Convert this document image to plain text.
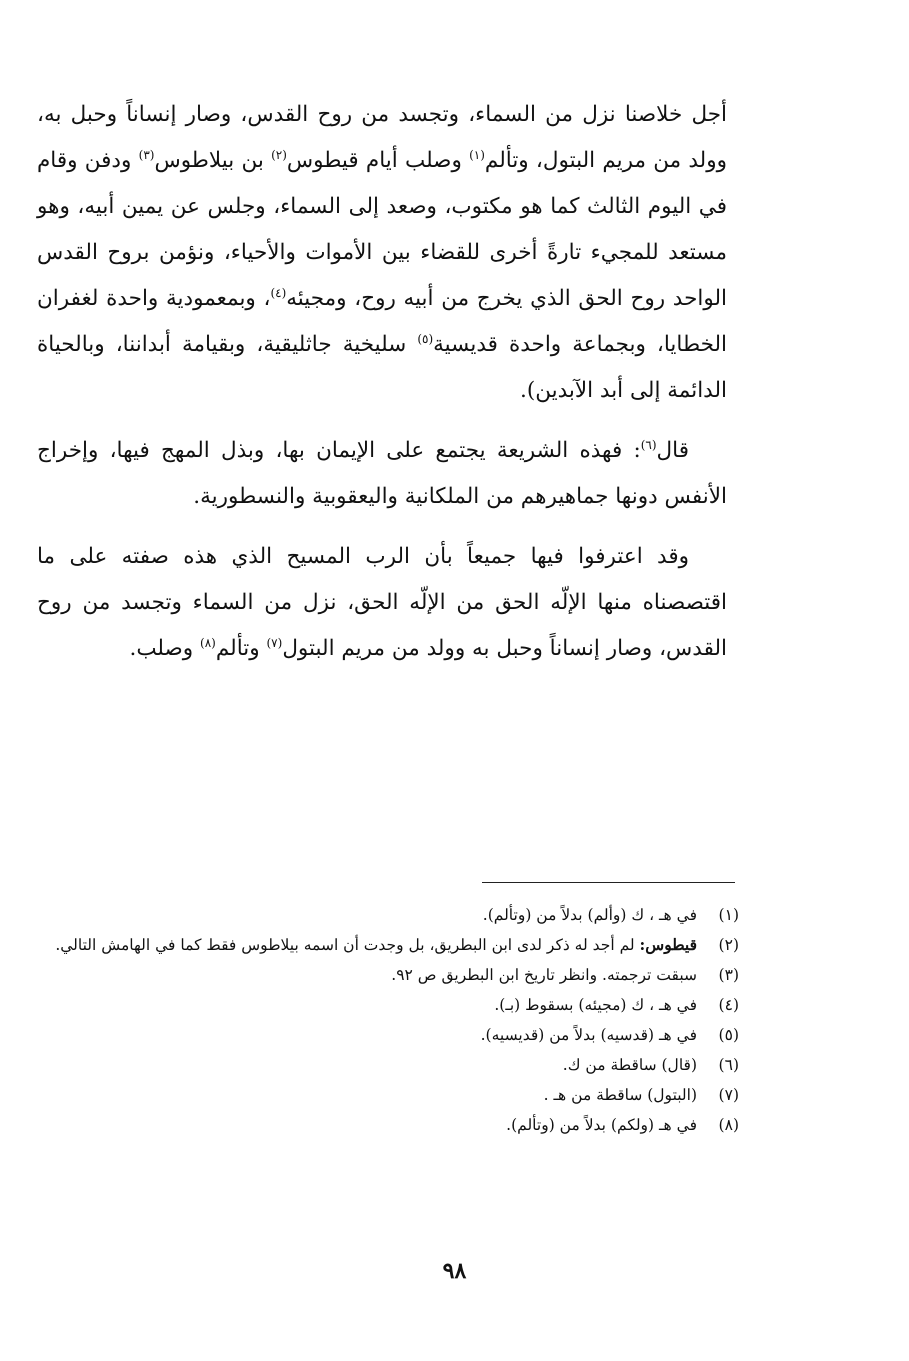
أجل خلاصنا نزل من السماء، وتجسد من روح القدس، وصار إنساناً وحبل به، وولد من مريم البتول، وتألم$^{(١)}$ وصلب أيام قيطوس$^{(٢)}$ بن بيلاطوس$^{(٣)}$ ودفن وقام في اليوم الثالث كما هو مكتوب، وصعد إلى السماء، وجلس عن يمين أبيه، وهو مستعد للمجيء تارةً أخرى للقضاء بين الأموات والأحياء، ونؤمن بروح القدس الواحد روح الحق الذي يخرج من أبيه روح، ومجيئه$^{(٤)}$، وبمعمودية واحدة لغفران الخطايا، وبجماعة واحدة قديسية$^{(٥)}$ سليخية جاثليقية، وبقيامة أبداننا، وبالحياة الدائمة إلى أبد الآبدين).

قال$^{(٦)}$: فهذه الشريعة يجتمع على الإيمان بها، وبذل المهج فيها، وإخراج الأنفس دونها جماهيرهم من الملكانية واليعقوبية والنسطورية.

وقد اعترفوا فيها جميعاً بأن الرب المسيح الذي هذه صفته على ما اقتصصناه منها الإلّه الحق من الإلّه الحق، نزل من السماء وتجسد من روح القدس، وصار إنساناً وحبل به وولد من مريم البتول$^{(٧)}$ وتألم$^{(٨)}$ وصلب.

(١)
في هـ ، ك (وألم) بدلاً من (وتألم).
(٢)
قيطوس: لم أجد له ذكر لدى ابن البطريق، بل وجدت أن اسمه بيلاطوس فقط كما في الهامش التالي.
(٣)
سبقت ترجمته. وانظر تاريخ ابن البطريق ص ٩٢.
(٤)
في هـ ، ك (مجيئه) بسقوط (بـ).
(٥)
في هـ (قدسيه) بدلاً من (قديسيه).
(٦)
(قال) ساقطة من ك.
(٧)
(البتول) ساقطة من هـ .
(٨)
في هـ (ولكم) بدلاً من (وتألم).
٩٨
